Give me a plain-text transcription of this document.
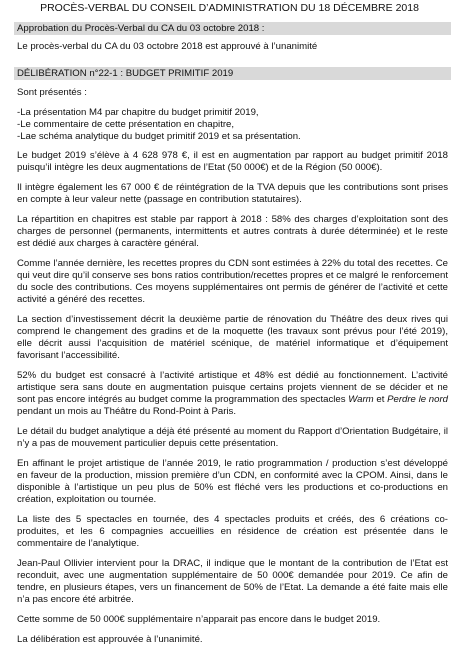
PROCÈS-VERBAL DU CONSEIL D’ADMINISTRATION DU 18 DÉCEMBRE 2018
Approbation du Procès-Verbal du CA du 03 octobre 2018 :
Le procès-verbal du CA du 03 octobre 2018 est approuvé à l’unanimité
DÉLIBÉRATION n°22-1 : BUDGET PRIMITIF 2019
Sont présentés :
-La présentation M4 par chapitre du budget primitif 2019,
-Le commentaire de cette présentation en chapitre,
-Lae schéma analytique du budget primitif 2019 et sa présentation.

Le budget 2019 s’élève à 4 628 978 €, il est en augmentation par rapport au budget primitif 2018 puisqu’il intègre les deux augmentations de l’Etat (50 000€) et de la Région (50 000€).

Il intègre également les 67 000 € de réintégration de la TVA depuis que les contributions sont prises en compte à leur valeur nette (passage en contribution statutaires).

La répartition en chapitres est stable par rapport à 2018 : 58% des charges d’exploitation sont des charges de personnel (permanents, intermittents et autres contrats à durée déterminée) et le reste est dédié aux charges à caractère général.

Comme l’année dernière, les recettes propres du CDN sont estimées à 22% du total des recettes. Ce qui veut dire qu’il conserve ses bons ratios contribution/recettes propres et ce malgré le renforcement du socle des contributions. Ces moyens supplémentaires ont permis de générer de l’activité et cette activité a généré des recettes.

La section d’investissement décrit la deuxième partie de rénovation du Théâtre des deux rives qui comprend le changement des gradins et de la moquette (les travaux sont prévus pour l’été 2019), elle décrit aussi l’acquisition de matériel scénique, de matériel informatique et d’équipement favorisant l’accessibilité.

52% du budget est consacré à l’activité artistique et 48% est dédié au fonctionnement. L’activité artistique sera sans doute en augmentation puisque certains projets viennent de se décider et ne sont pas encore intégrés au budget comme la programmation des spectacles Warm et Perdre le nord pendant un mois au Théâtre du Rond-Point à Paris.

Le détail du budget analytique a déjà été présenté au moment du Rapport d’Orientation Budgétaire, il n’y a pas de mouvement particulier depuis cette présentation.

En affinant le projet artistique de l’année 2019, le ratio programmation / production s’est développé en faveur de la production, mission première d’un CDN, en conformité avec la CPOM. Ainsi, dans le disponible à l’artistique un peu plus de 50% est fléché vers les productions et co-productions en création, exploitation ou tournée.

La liste des 5 spectacles en tournée, des 4 spectacles produits et créés, des 6 créations co-produites, et les 6 compagnies accueillies en résidence de création est présentée dans le commentaire de l’analytique.

Jean-Paul Ollivier intervient pour la DRAC, il indique que le montant de la contribution de l’Etat est reconduit, avec une augmentation supplémentaire de 50 000€ demandée pour 2019. Ce afin de tendre, en plusieurs étapes, vers un financement de 50% de l’Etat. La demande a été faite mais elle n’a pas encore été arbitrée.

Cette somme de 50 000€ supplémentaire n’apparait pas encore dans le budget 2019.

La délibération est approuvée à l’unanimité.
